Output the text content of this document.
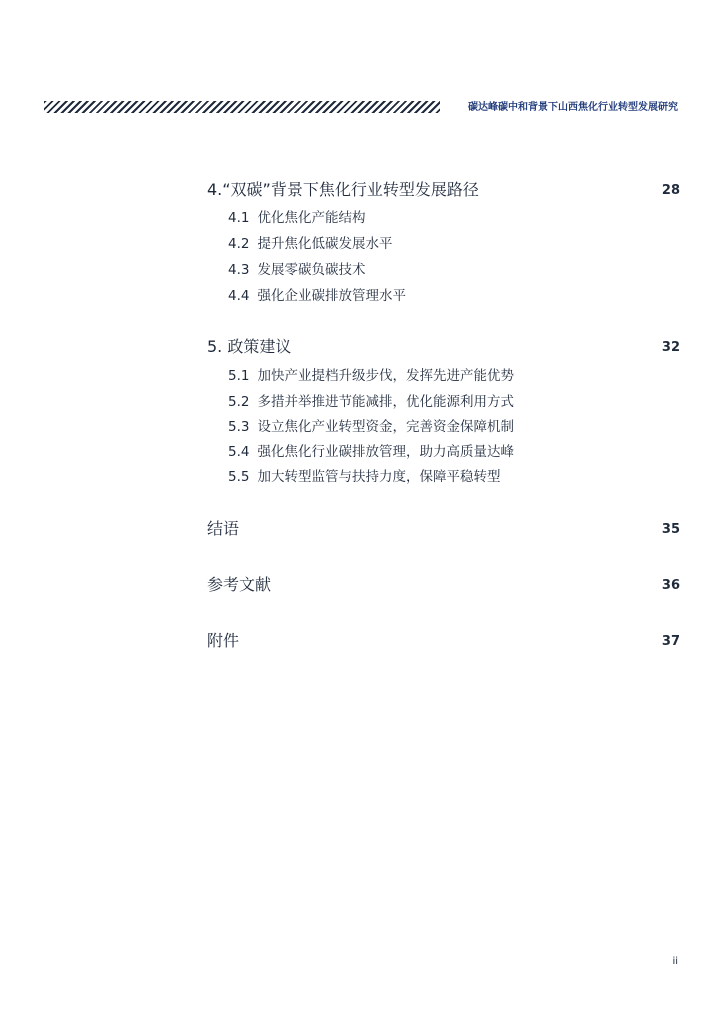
碳达峰碳中和背景下山西焦化行业转型发展研究
4.“双碳”背景下焦化行业转型发展路径	28
4.1 优化焦化产能结构
4.2 提升焦化低碳发展水平
4.3 发展零碳负碳技术
4.4 强化企业碳排放管理水平
5. 政策建议	32
5.1 加快产业提档升级步伐，发挥先进产能优势
5.2 多措并举推进节能减排，优化能源利用方式
5.3 设立焦化产业转型资金，完善资金保障机制
5.4 强化焦化行业碳排放管理，助力高质量达峰
5.5 加大转型监管与扶持力度，保障平稳转型
结语	35
参考文献	36
附件	37
ii
